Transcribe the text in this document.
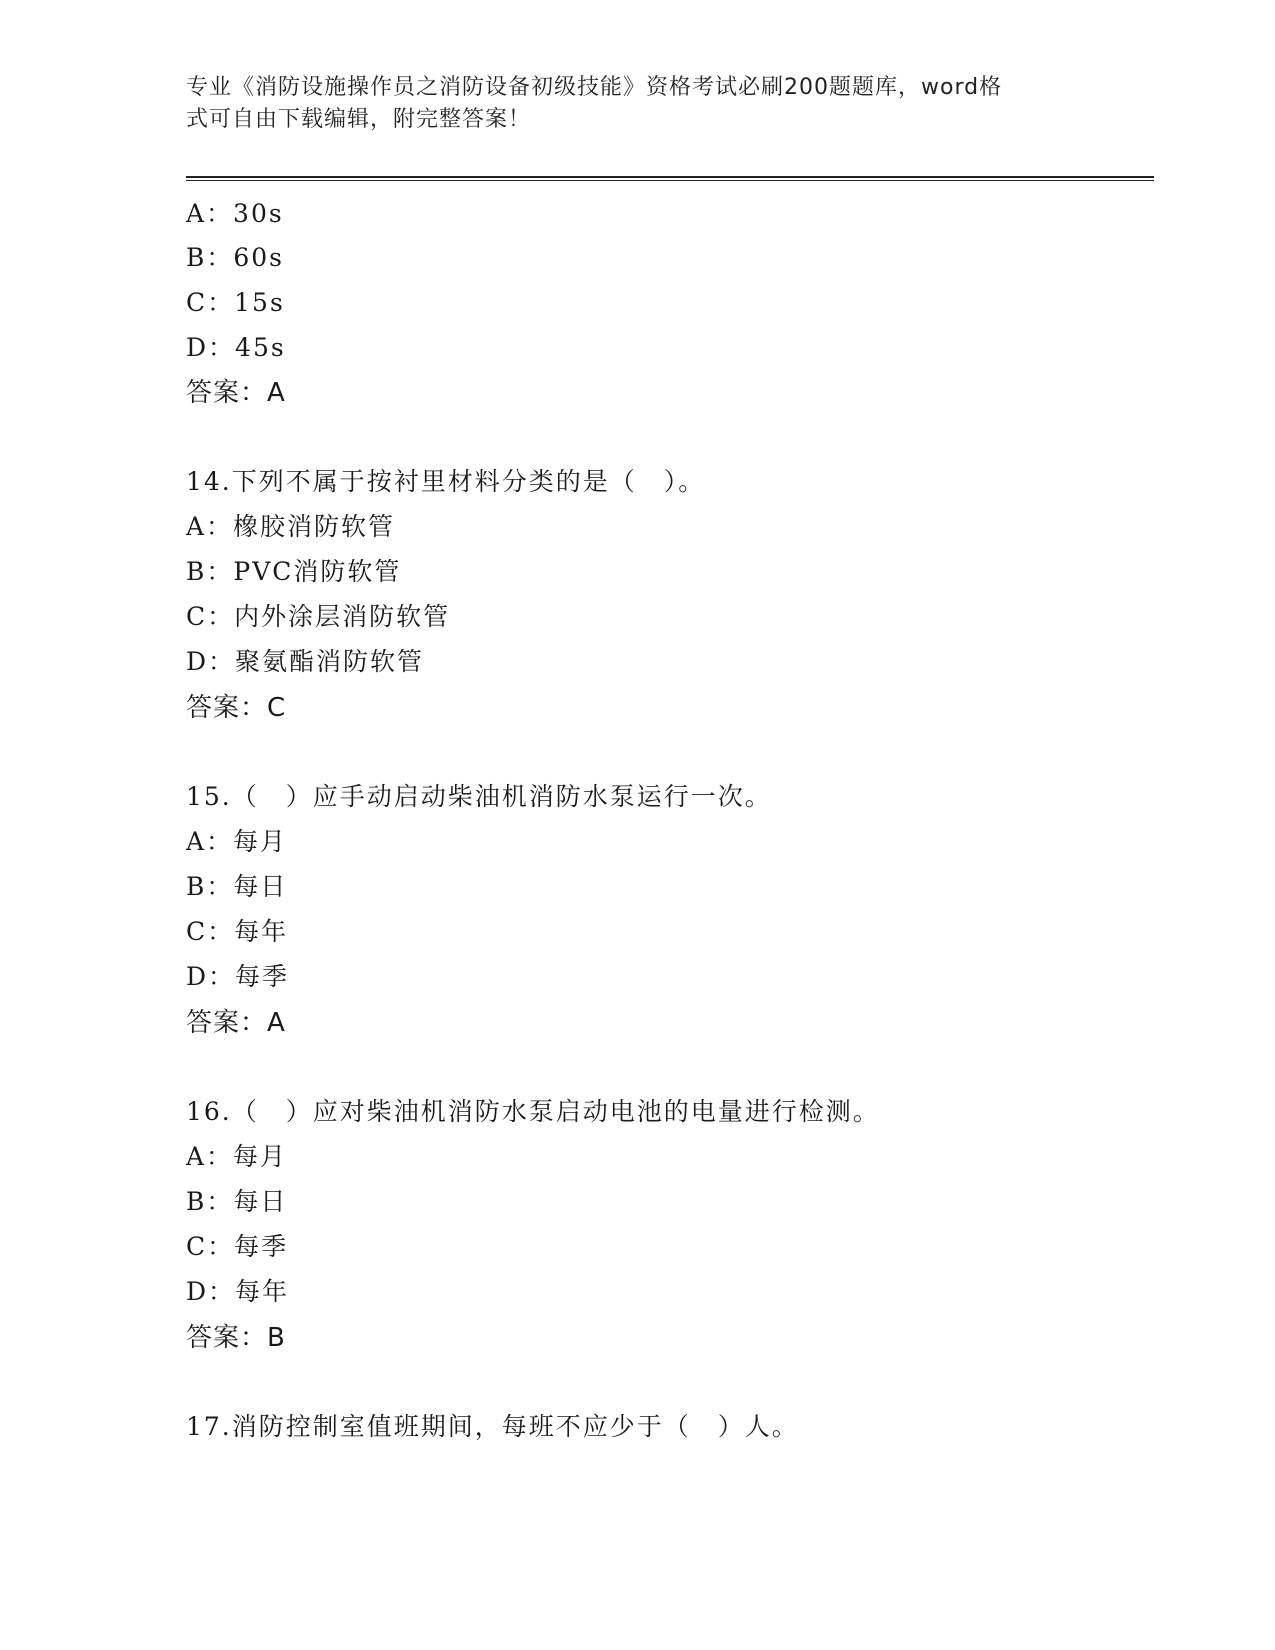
专业《消防设施操作员之消防设备初级技能》资格考试必刷200题题库，word格
式可自由下载编辑，附完整答案！
A：30s
B：60s
C：15s
D：45s
答案：A
14.下列不属于按衬里材料分类的是（　）。
A：橡胶消防软管
B：PVC消防软管
C：内外涂层消防软管
D：聚氨酯消防软管
答案：C
15.（　）应手动启动柴油机消防水泵运行一次。
A：每月
B：每日
C：每年
D：每季
答案：A
16.（　）应对柴油机消防水泵启动电池的电量进行检测。
A：每月
B：每日
C：每季
D：每年
答案：B
17.消防控制室值班期间，每班不应少于（　）人。
